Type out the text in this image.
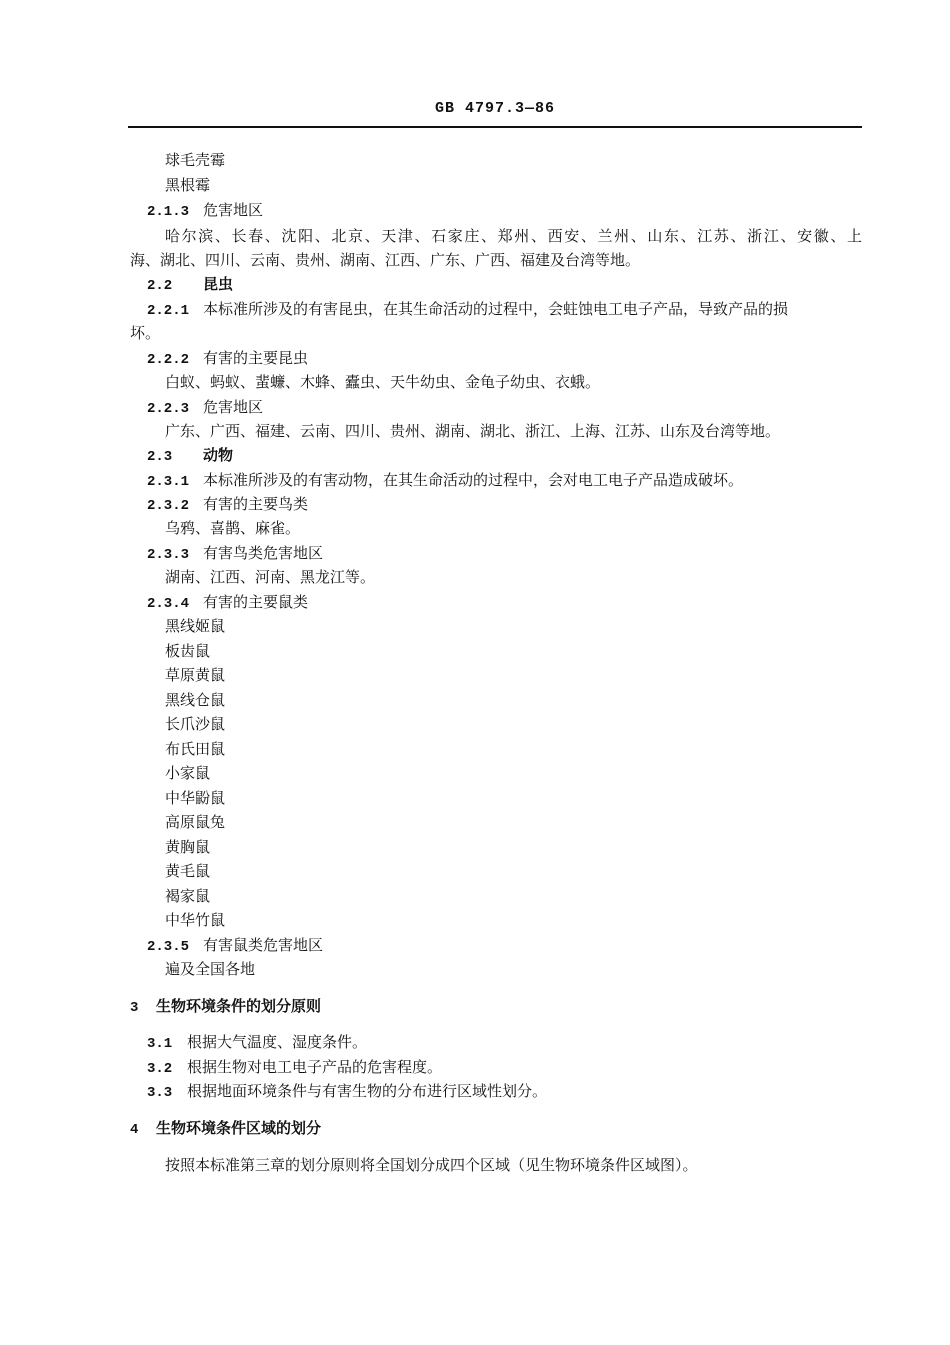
GB 4797.3—86
球毛壳霉
黑根霉
2.1.3 危害地区
哈尔滨、长春、沈阳、北京、天津、石家庄、郑州、西安、兰州、山东、江苏、浙江、安徽、上
海、湖北、四川、云南、贵州、湖南、江西、广东、广西、福建及台湾等地。
2.2 昆虫
2.2.1 本标准所涉及的有害昆虫，在其生命活动的过程中，会蛀蚀电工电子产品，导致产品的损
坏。
2.2.2 有害的主要昆虫
白蚁、蚂蚁、蜚蠊、木蜂、蠹虫、天牛幼虫、金龟子幼虫、衣蛾。
2.2.3 危害地区
广东、广西、福建、云南、四川、贵州、湖南、湖北、浙江、上海、江苏、山东及台湾等地。
2.3 动物
2.3.1 本标准所涉及的有害动物，在其生命活动的过程中，会对电工电子产品造成破坏。
2.3.2 有害的主要鸟类
乌鸦、喜鹊、麻雀。
2.3.3 有害鸟类危害地区
湖南、江西、河南、黑龙江等。
2.3.4 有害的主要鼠类
黑线姬鼠
板齿鼠
草原黄鼠
黑线仓鼠
长爪沙鼠
布氏田鼠
小家鼠
中华鼢鼠
高原鼠兔
黄胸鼠
黄毛鼠
褐家鼠
中华竹鼠
2.3.5 有害鼠类危害地区
遍及全国各地
3 生物环境条件的划分原则
3.1 根据大气温度、湿度条件。
3.2 根据生物对电工电子产品的危害程度。
3.3 根据地面环境条件与有害生物的分布进行区域性划分。
4 生物环境条件区域的划分
按照本标准第三章的划分原则将全国划分成四个区域（见生物环境条件区域图）。
